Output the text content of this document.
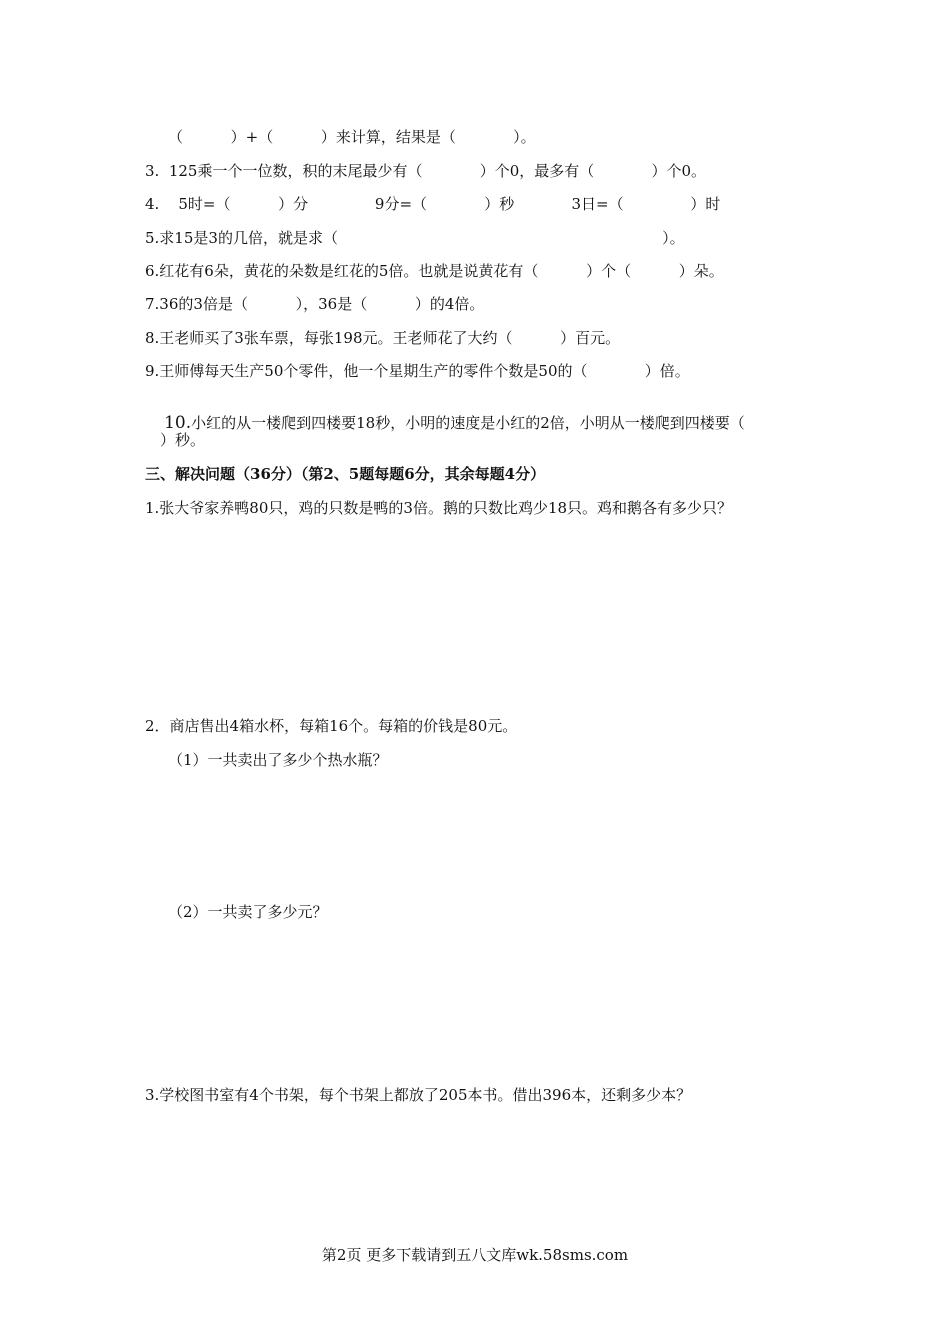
（          ）+（          ）来计算，结果是（            ）。
3.  125乘一个一位数，积的末尾最少有（            ）个0，最多有（            ）个0。
4.    5时=（          ）分              9分=（            ）秒            3日=（              ）时
5.求15是3的几倍，就是求（                                                                    ）。
6.红花有6朵，黄花的朵数是红花的5倍。也就是说黄花有（          ）个（          ）朵。
7.36的3倍是（          ），36是（          ）的4倍。
8.王老师买了3张车票，每张198元。王老师花了大约（          ）百元。
9.王师傅每天生产50个零件，他一个星期生产的零件个数是50的（            ）倍。

10.小红的从一楼爬到四楼要18秒，小明的速度是小红的2倍，小明从一楼爬到四楼要（

）秒。
三、解决问题（36分）（第2、5题每题6分，其余每题4分）
1.张大爷家养鸭80只，鸡的只数是鸭的3倍。鹅的只数比鸡少18只。鸡和鹅各有多少只？
2．商店售出4箱水杯，每箱16个。每箱的价钱是80元。
（1）一共卖出了多少个热水瓶？
（2）一共卖了多少元？
3.学校图书室有4个书架，每个书架上都放了205本书。借出396本，还剩多少本？
第2页 更多下载请到五八文库wk.58sms.com
